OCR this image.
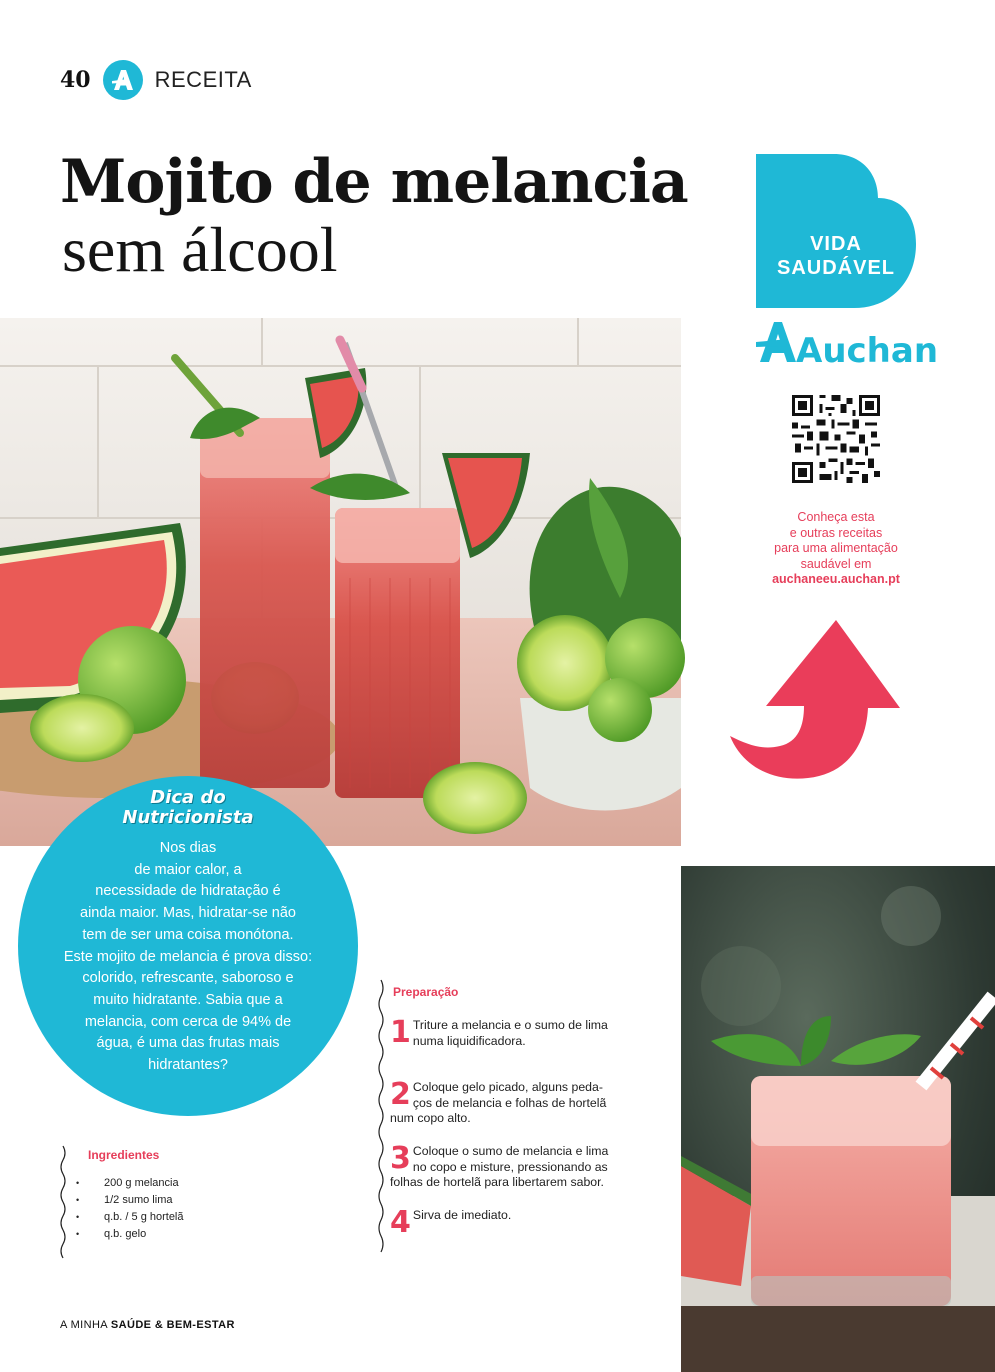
40	RECEITA
Mojito de melancia
sem álcool	VIDA
SAUDÁVEL
Auchan
Conheça esta
e outras receitas
para uma alimentação
saudável em
auchaneeu.auchan.pt
Dica do
Nutricionista
Nos dias
de maior calor, a
necessidade de hidratação é
ainda maior. Mas, hidratar-se não
tem de ser uma coisa monótona.
Este mojito de melancia é prova disso:
colorido, refrescante, saboroso e
muito hidratante. Sabia que a
melancia, com cerca de 94% de
água, é uma das frutas mais
hidratantes?
Ingredientes
• 200 g melancia
• 1/2 sumo lima
• q.b. / 5 g hortelã
• q.b. gelo
Preparação
1 Triture a melancia e o sumo de lima
numa liquidificadora.
2 Coloque gelo picado, alguns peda-
ços de melancia e folhas de hortelã
num copo alto.
3 Coloque o sumo de melancia e lima
no copo e misture, pressionando as
folhas de hortelã para libertarem sabor.
4 Sirva de imediato.
A MINHA SAÚDE & BEM-ESTAR
